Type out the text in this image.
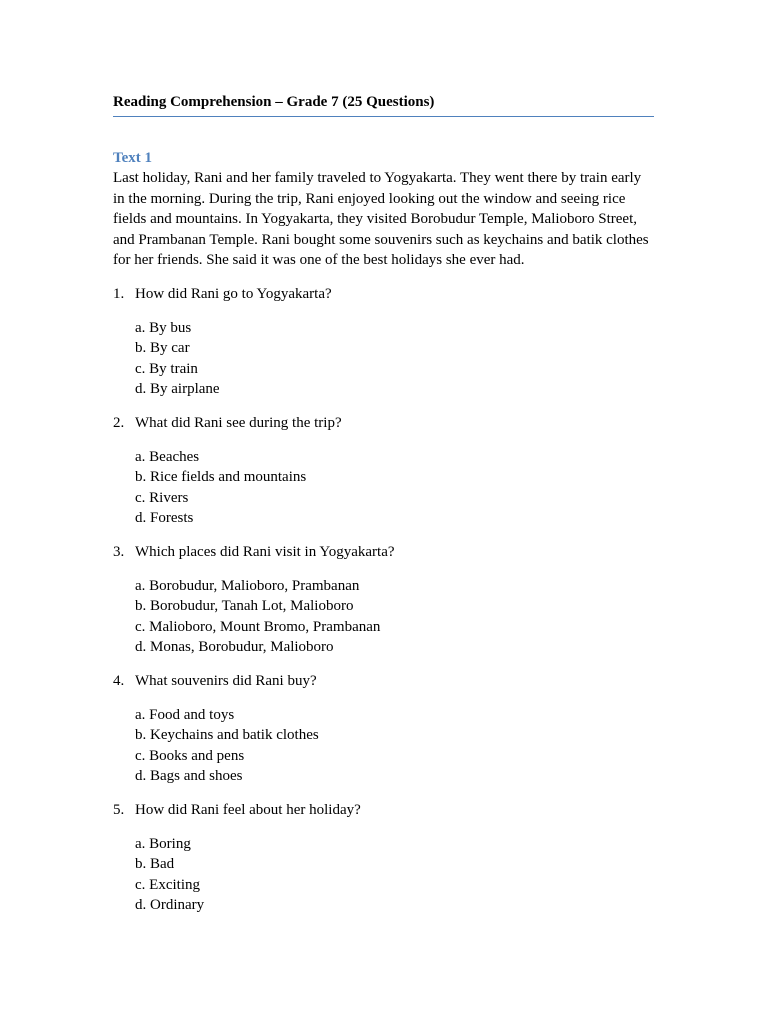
Reading Comprehension – Grade 7 (25 Questions)
Text 1

Last holiday, Rani and her family traveled to Yogyakarta. They went there by train early in the morning. During the trip, Rani enjoyed looking out the window and seeing rice fields and mountains. In Yogyakarta, they visited Borobudur Temple, Malioboro Street, and Prambanan Temple. Rani bought some souvenirs such as keychains and batik clothes for her friends. She said it was one of the best holidays she ever had.

1. How did Rani go to Yogyakarta?
a. By bus
b. By car
c. By train
d. By airplane
2. What did Rani see during the trip?
a. Beaches
b. Rice fields and mountains
c. Rivers
d. Forests
3. Which places did Rani visit in Yogyakarta?
a. Borobudur, Malioboro, Prambanan
b. Borobudur, Tanah Lot, Malioboro
c. Malioboro, Mount Bromo, Prambanan
d. Monas, Borobudur, Malioboro
4. What souvenirs did Rani buy?
a. Food and toys
b. Keychains and batik clothes
c. Books and pens
d. Bags and shoes
5. How did Rani feel about her holiday?
a. Boring
b. Bad
c. Exciting
d. Ordinary
